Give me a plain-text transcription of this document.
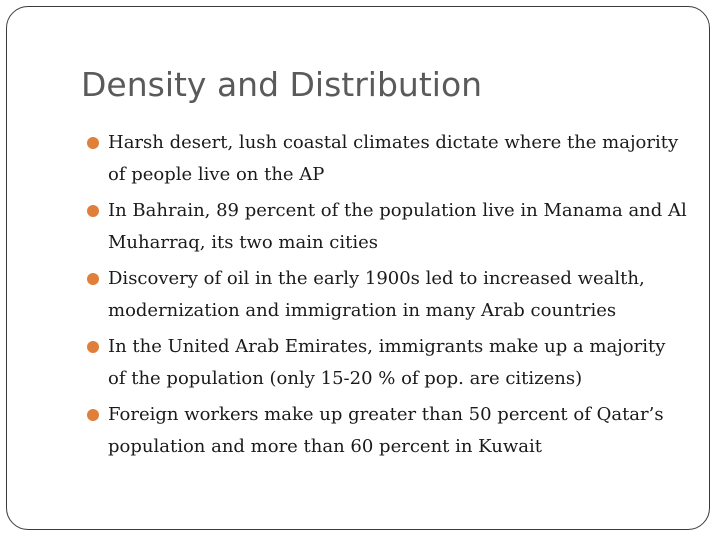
Density and Distribution
Harsh desert, lush coastal climates dictate where the majority of people live on the AP
In Bahrain, 89 percent of the population live in Manama and Al Muharraq, its two main cities
Discovery of oil in the early 1900s led to increased wealth, modernization and immigration in many Arab countries
In the United Arab Emirates, immigrants make up a majority of the population (only 15-20 % of pop. are citizens)
Foreign workers make up greater than 50 percent of Qatar’s population and more than 60 percent in Kuwait
